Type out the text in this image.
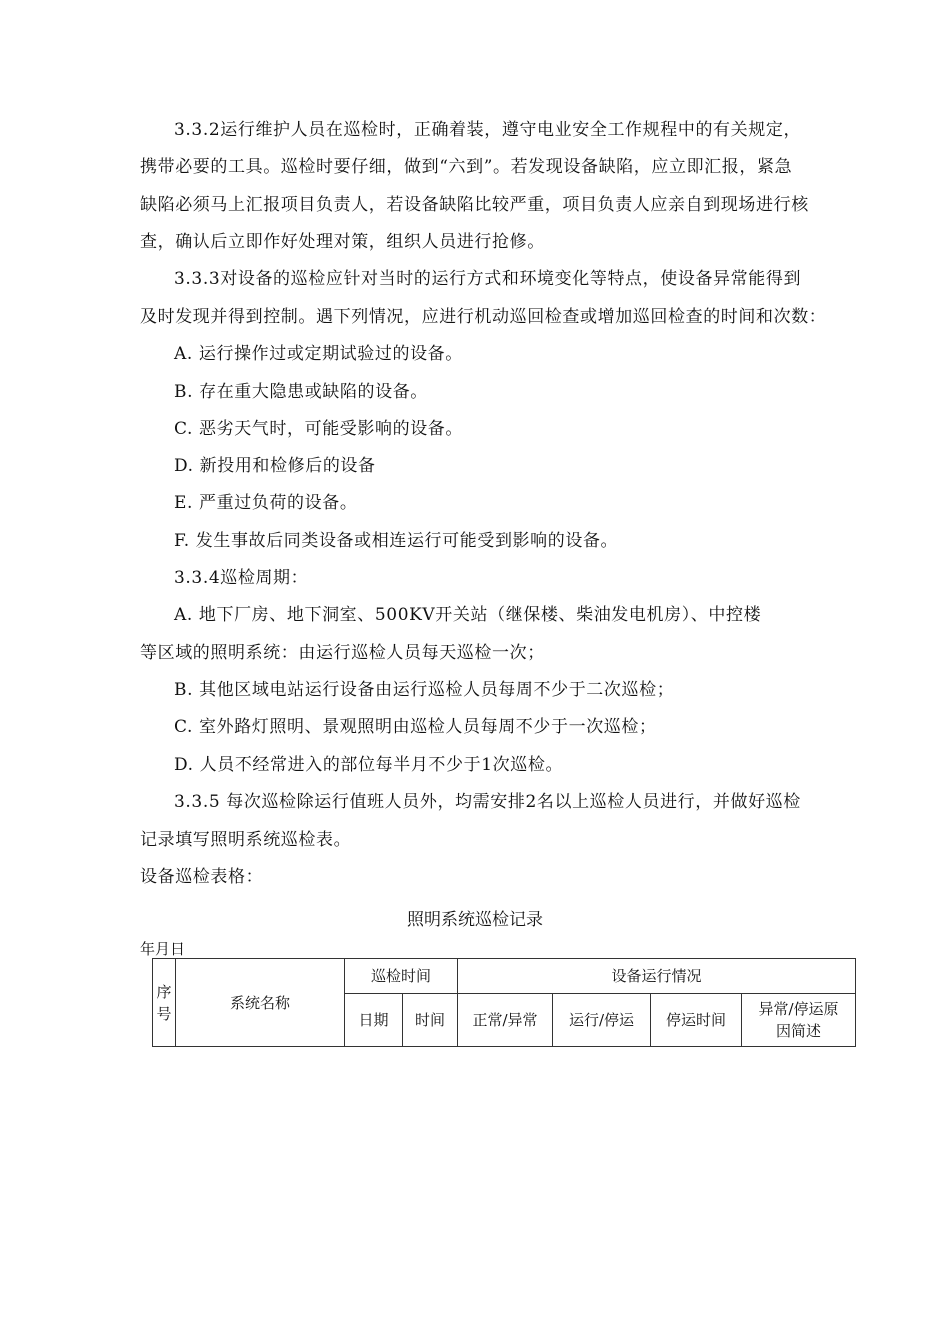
3.3.2运行维护人员在巡检时，正确着装，遵守电业安全工作规程中的有关规定，
携带必要的工具。巡检时要仔细，做到“六到”。若发现设备缺陷，应立即汇报，紧急
缺陷必须马上汇报项目负责人，若设备缺陷比较严重，项目负责人应亲自到现场进行核
查，确认后立即作好处理对策，组织人员进行抢修。
3.3.3对设备的巡检应针对当时的运行方式和环境变化等特点，使设备异常能得到
及时发现并得到控制。遇下列情况，应进行机动巡回检查或增加巡回检查的时间和次数：
A. 运行操作过或定期试验过的设备。
B. 存在重大隐患或缺陷的设备。
C. 恶劣天气时，可能受影响的设备。
D. 新投用和检修后的设备
E. 严重过负荷的设备。
F. 发生事故后同类设备或相连运行可能受到影响的设备。
3.3.4巡检周期：
A. 地下厂房、地下洞室、500KV开关站（继保楼、柴油发电机房）、中控楼
等区域的照明系统：由运行巡检人员每天巡检一次；
B. 其他区域电站运行设备由运行巡检人员每周不少于二次巡检；
C. 室外路灯照明、景观照明由巡检人员每周不少于一次巡检；
D. 人员不经常进入的部位每半月不少于1次巡检。
3.3.5 每次巡检除运行值班人员外，均需安排2名以上巡检人员进行，并做好巡检
记录填写照明系统巡检表。
设备巡检表格：
照明系统巡检记录
年月日
序号	系统名称	巡检时间		设备运行情况			
		日期	时间	正常/异常	运行/停运	停运时间	异常/停运原
因简述
